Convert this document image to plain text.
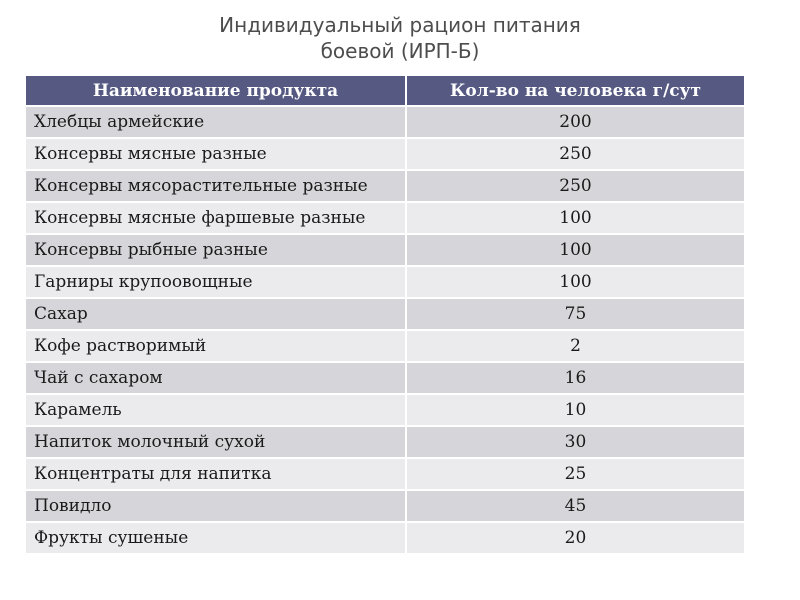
Индивидуальный рацион питания
боевой (ИРП-Б)
Наименование продукта	Кол-во на человека г/сут
Хлебцы армейские	200
Консервы мясные разные	250
Консервы мясорастительные разные	250
Консервы мясные фаршевые разные	100
Консервы рыбные разные	100
Гарниры крупоовощные	100
Сахар	75
Кофе растворимый	2
Чай с сахаром	16
Карамель	10
Напиток молочный сухой	30
Концентраты для напитка	25
Повидло	45
Фрукты сушеные	20
